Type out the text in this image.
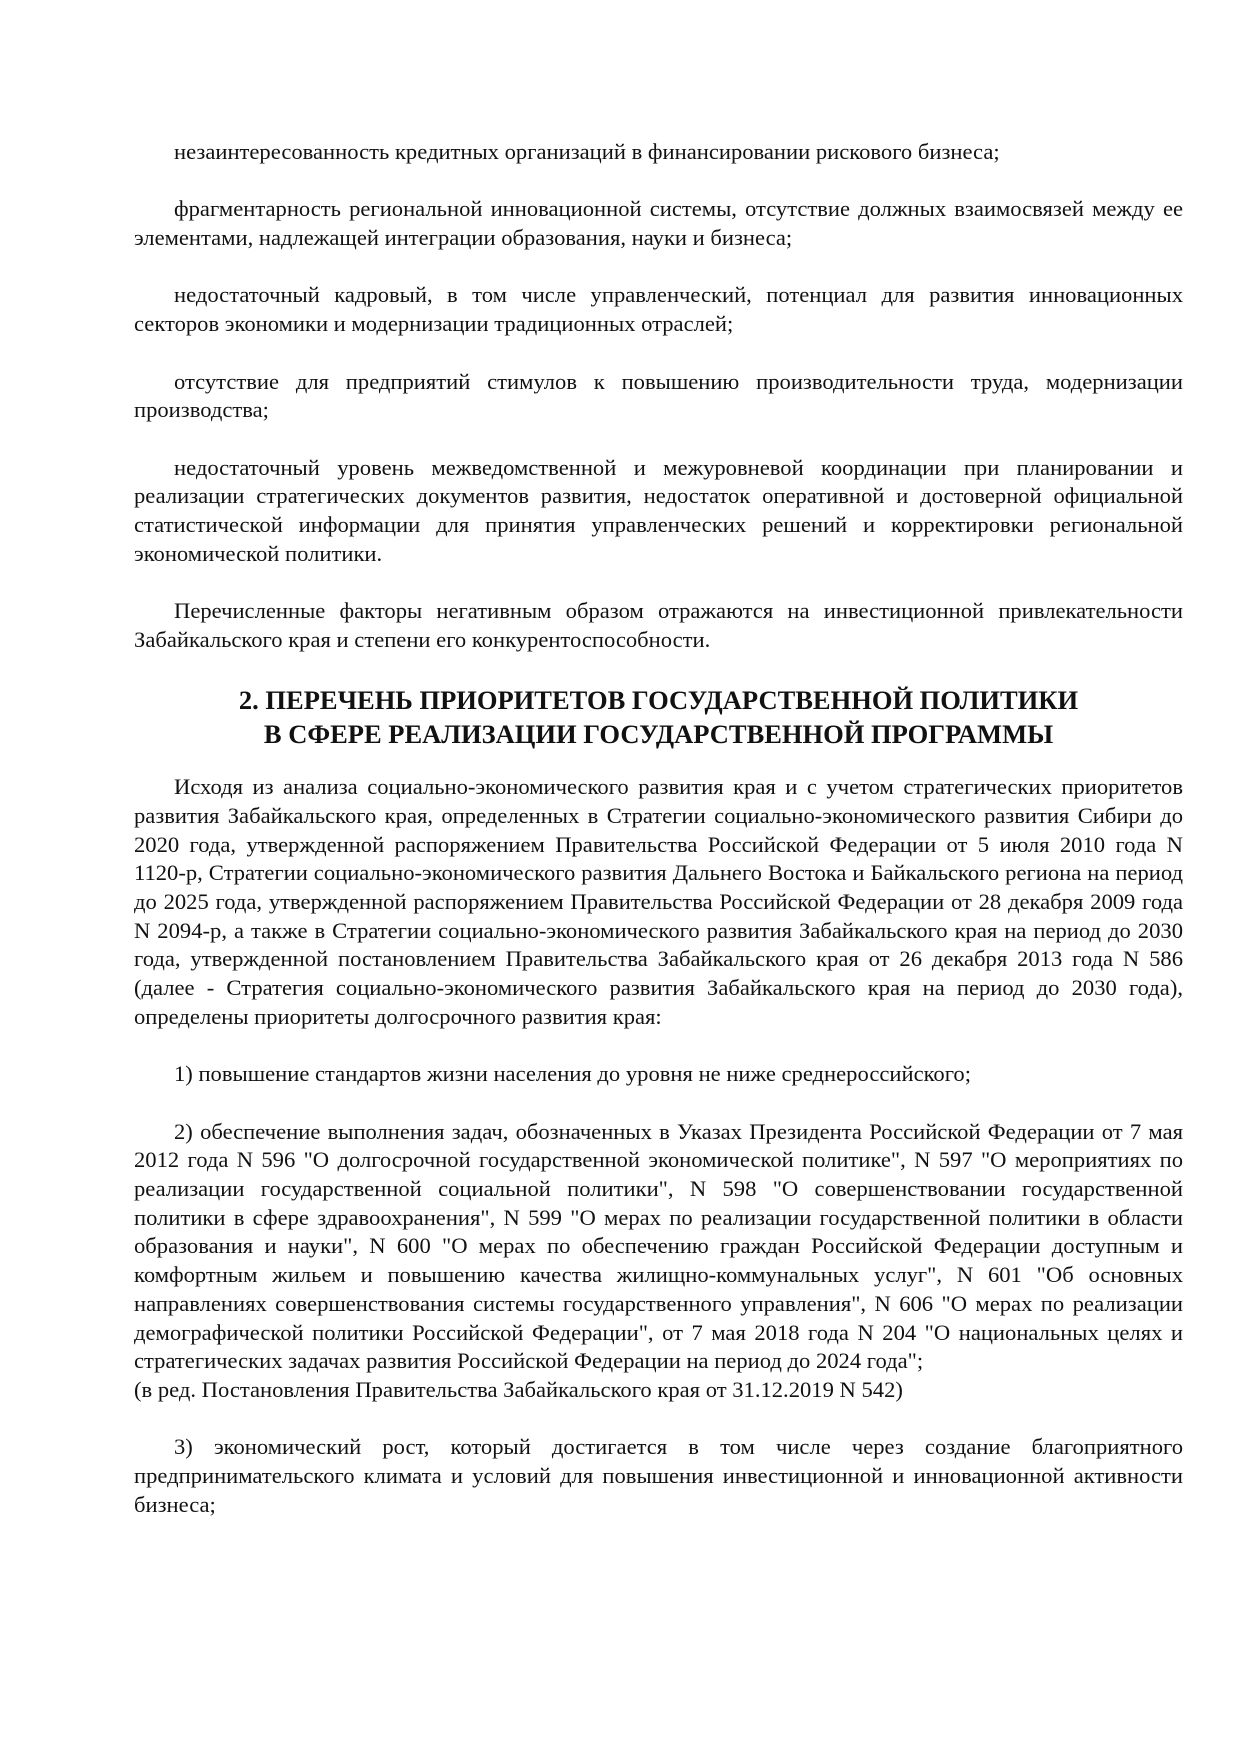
незаинтересованность кредитных организаций в финансировании рискового бизнеса;

фрагментарность региональной инновационной системы, отсутствие должных взаимосвязей между ее элементами, надлежащей интеграции образования, науки и бизнеса;

недостаточный кадровый, в том числе управленческий, потенциал для развития инновационных секторов экономики и модернизации традиционных отраслей;

отсутствие для предприятий стимулов к повышению производительности труда, модернизации производства;

недостаточный уровень межведомственной и межуровневой координации при планировании и реализации стратегических документов развития, недостаток оперативной и достоверной официальной статистической информации для принятия управленческих решений и корректировки региональной экономической политики.

Перечисленные факторы негативным образом отражаются на инвестиционной привлекательности Забайкальского края и степени его конкурентоспособности.

2. ПЕРЕЧЕНЬ ПРИОРИТЕТОВ ГОСУДАРСТВЕННОЙ ПОЛИТИКИ
В СФЕРЕ РЕАЛИЗАЦИИ ГОСУДАРСТВЕННОЙ ПРОГРАММЫ

Исходя из анализа социально-экономического развития края и с учетом стратегических приоритетов развития Забайкальского края, определенных в Стратегии социально-экономического развития Сибири до 2020 года, утвержденной распоряжением Правительства Российской Федерации от 5 июля 2010 года N 1120-р, Стратегии социально-экономического развития Дальнего Востока и Байкальского региона на период до 2025 года, утвержденной распоряжением Правительства Российской Федерации от 28 декабря 2009 года N 2094-р, а также в Стратегии социально-экономического развития Забайкальского края на период до 2030 года, утвержденной постановлением Правительства Забайкальского края от 26 декабря 2013 года N 586 (далее - Стратегия социально-экономического развития Забайкальского края на период до 2030 года), определены приоритеты долгосрочного развития края:

1) повышение стандартов жизни населения до уровня не ниже среднероссийского;

2) обеспечение выполнения задач, обозначенных в Указах Президента Российской Федерации от 7 мая 2012 года N 596 "О долгосрочной государственной экономической политике", N 597 "О мероприятиях по реализации государственной социальной политики", N 598 "О совершенствовании государственной политики в сфере здравоохранения", N 599 "О мерах по реализации государственной политики в области образования и науки", N 600 "О мерах по обеспечению граждан Российской Федерации доступным и комфортным жильем и повышению качества жилищно-коммунальных услуг", N 601 "Об основных направлениях совершенствования системы государственного управления", N 606 "О мерах по реализации демографической политики Российской Федерации", от 7 мая 2018 года N 204 "О национальных целях и стратегических задачах развития Российской Федерации на период до 2024 года";

(в ред. Постановления Правительства Забайкальского края от 31.12.2019 N 542)

3) экономический рост, который достигается в том числе через создание благоприятного предпринимательского климата и условий для повышения инвестиционной и инновационной активности бизнеса;
